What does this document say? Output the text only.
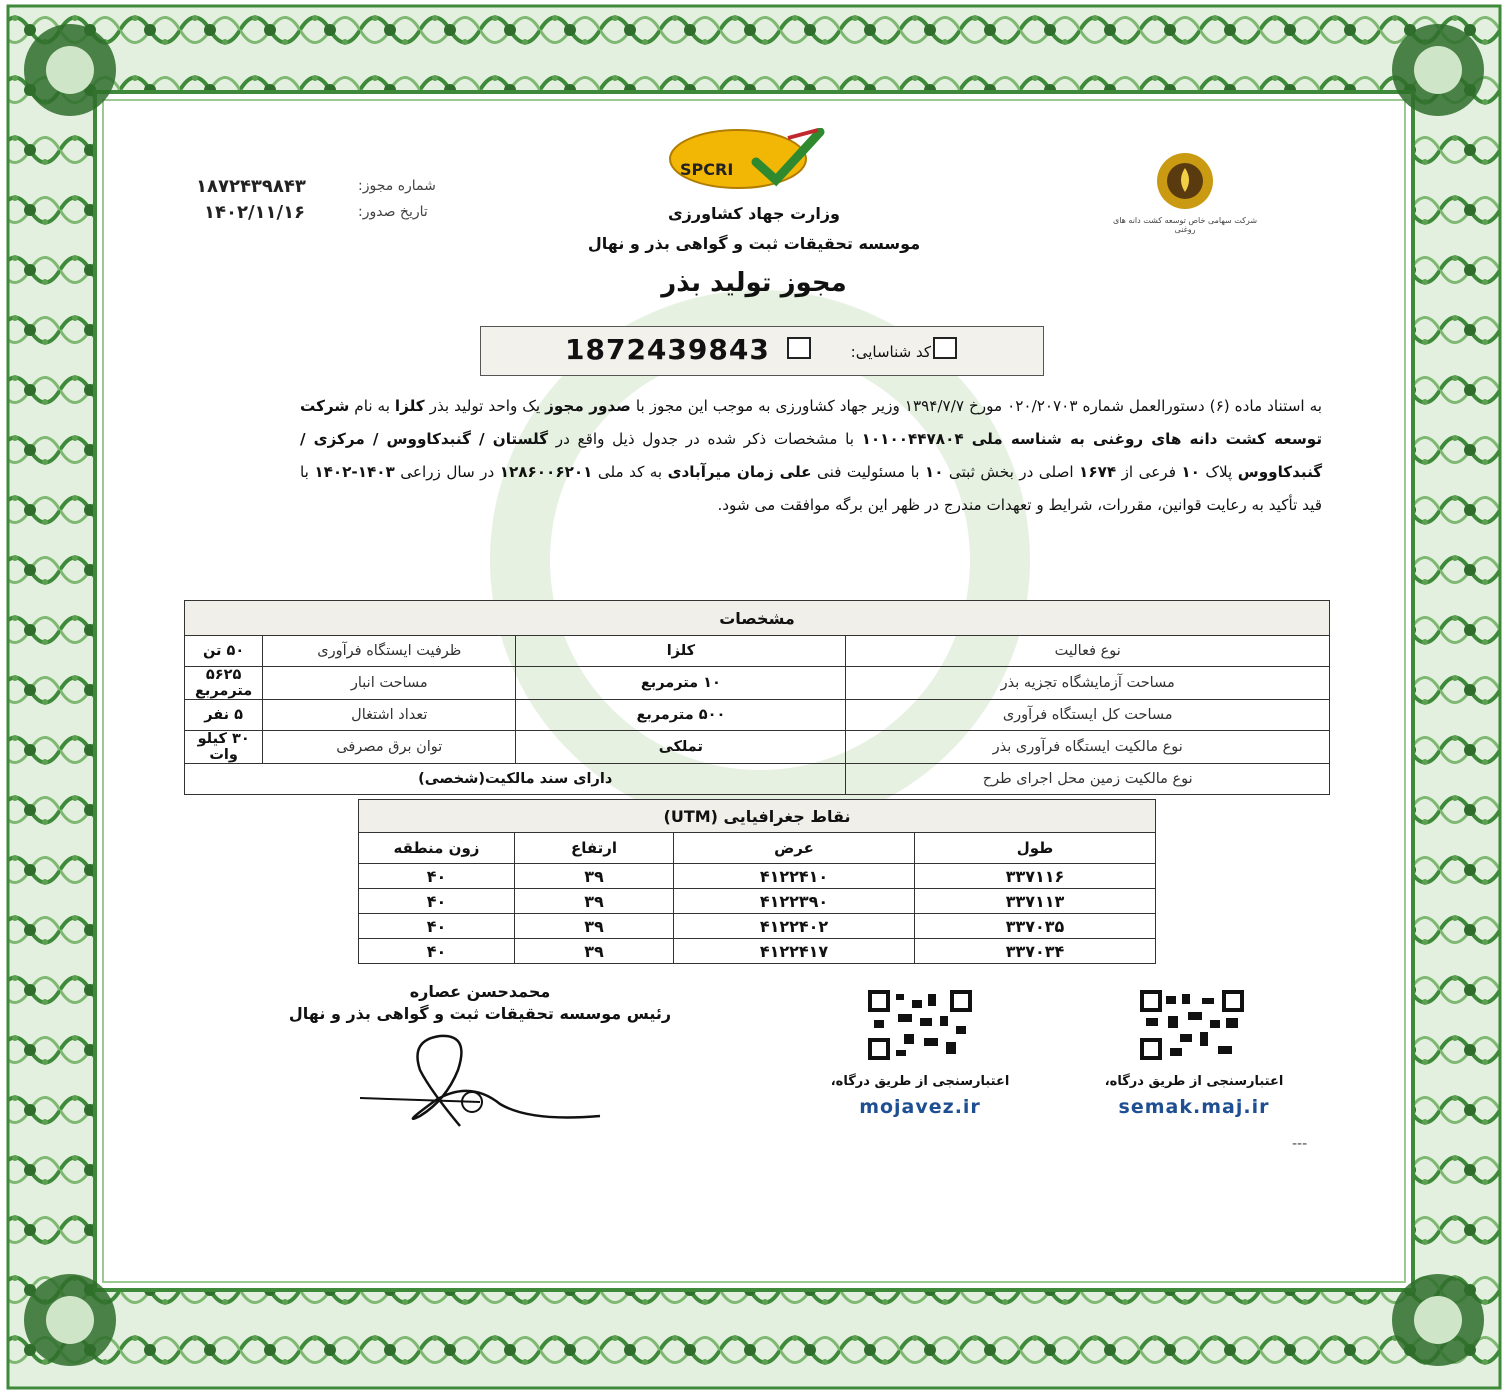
SPCRI
شرکت سهامی خاص توسعه کشت دانه های روغنی
شماره مجوز:
۱۸۷۲۴۳۹۸۴۳
تاریخ صدور:
۱۴۰۲/۱۱/۱۶	وزارت جهاد کشاورزی
موسسه تحقیقات ثبت و گواهی بذر و نهال
مجوز تولید بذر
کد شناسایی:
1872439843
به استناد ماده (۶) دستورالعمل شماره ۰۲۰/۲۰۷۰۳ مورخ ۱۳۹۴/۷/۷ وزیر جهاد کشاورزی به موجب این مجوز با صدور مجوز یک واحد تولید بذر کلزا به نام شرکت توسعه کشت دانه های روغنی به شناسه ملی ۱۰۱۰۰۴۴۷۸۰۴ با مشخصات ذکر شده در جدول ذیل واقع در گلستان / گنبدکاووس / مرکزی / گنبدکاووس پلاک ۱۰ فرعی از ۱۶۷۴ اصلی در بخش ثبتی ۱۰ با مسئولیت فنی علی زمان میرآبادی به کد ملی ۱۲۸۶۰۰۶۲۰۱ در سال زراعی ۱۴۰۳-۱۴۰۲ با قید تأکید به رعایت قوانین، مقررات، شرایط و تعهدات مندرج در ظهر این برگه موافقت می شود.
مشخصات			
نوع فعالیت	کلزا	ظرفیت ایستگاه فرآوری	۵۰ تن
مساحت آزمایشگاه تجزیه بذر	۱۰ مترمربع	مساحت انبار	۵۶۲۵ مترمربع
مساحت کل ایستگاه فرآوری	۵۰۰ مترمربع	تعداد اشتغال	۵ نفر
نوع مالکیت ایستگاه فرآوری بذر	تملکی	توان برق مصرفی	۳۰ کیلو وات
نوع مالکیت زمین محل اجرای طرح	دارای سند مالکیت(شخصی)		
نقاط جغرافیایی (UTM)			
طول	عرض	ارتفاع	زون منطقه
۳۳۷۱۱۶	۴۱۲۲۴۱۰	۳۹	۴۰
۳۳۷۱۱۳	۴۱۲۲۳۹۰	۳۹	۴۰
۳۳۷۰۳۵	۴۱۲۲۴۰۲	۳۹	۴۰
۳۳۷۰۳۴	۴۱۲۲۴۱۷	۳۹	۴۰
محمدحسن عصاره
رئیس موسسه تحقیقات ثبت و گواهی بذر و نهال
اعتبارسنجی از طریق درگاه،
mojavez.ir
اعتبارسنجی از طریق درگاه،
semak.maj.ir
---
